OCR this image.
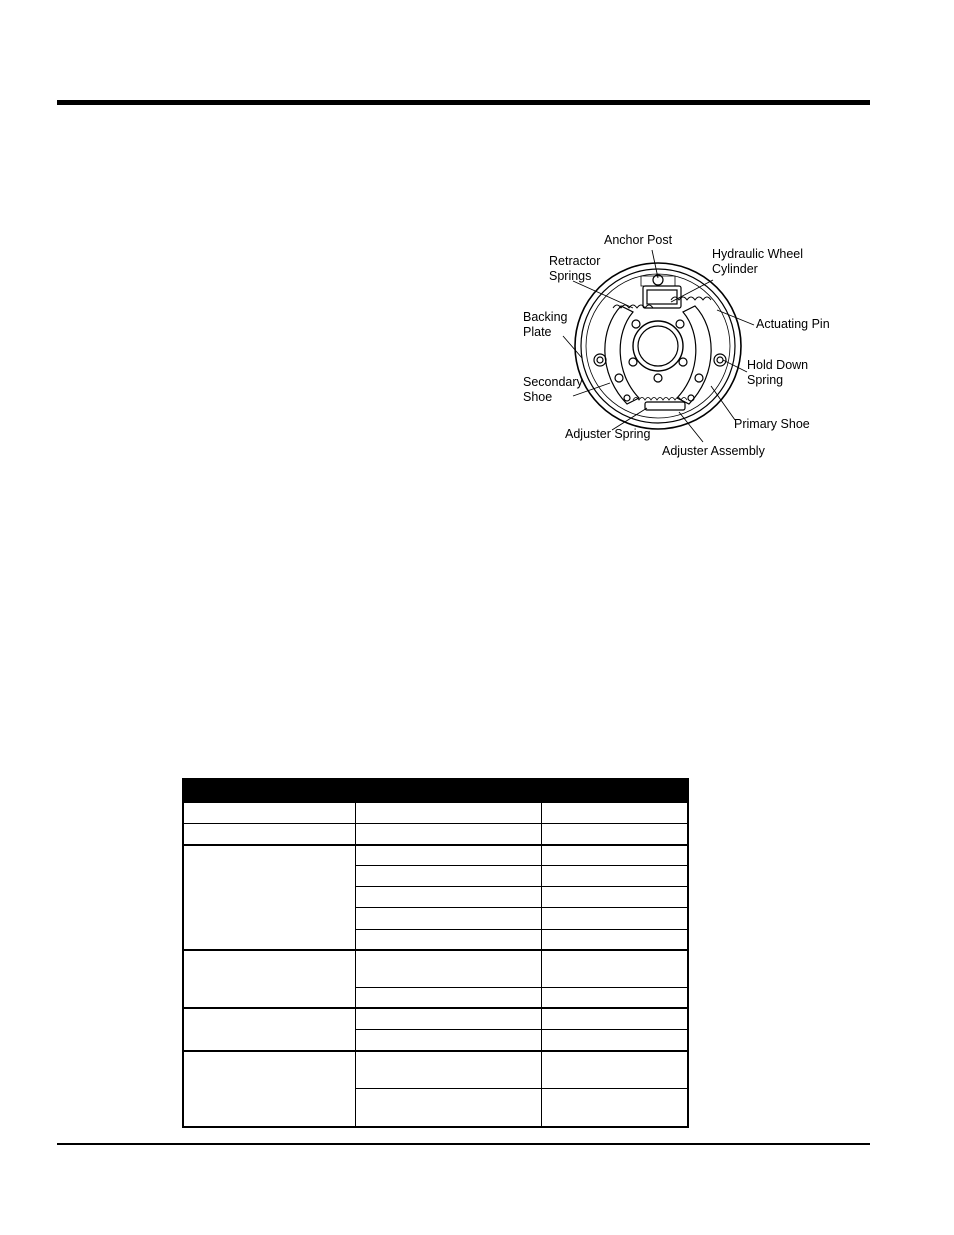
Anchor Post
Hydraulic Wheel
Cylinder
Retractor
Springs
Actuating Pin
Backing
Plate
Hold Down
Spring
Secondary
Shoe
Primary Shoe
Adjuster Spring
Adjuster Assembly
